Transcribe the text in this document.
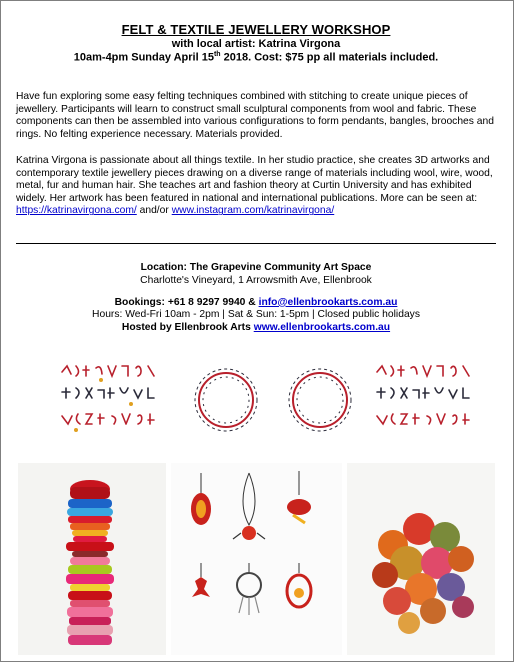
FELT & TEXTILE JEWELLERY WORKSHOP
with local artist: Katrina Virgona
10am-4pm Sunday April 15th 2018. Cost: $75 pp all materials included.
Have fun exploring some easy felting techniques combined with stitching to create unique pieces of jewellery. Participants will learn to construct small sculptural components from wool and fabric. These components can then be assembled into various configurations to form pendants, bangles, brooches and rings. No felting experience necessary. Materials provided.
Katrina Virgona is passionate about all things textile. In her studio practice, she creates 3D artworks and contemporary textile jewellery pieces drawing on a diverse range of materials including wool, wire, wood, metal, fur and human hair. She teaches art and fashion theory at Curtin University and has exhibited widely. Her artwork has been featured in national and international publications. More can be seen at: https://katrinavirgona.com/ and/or www.instagram.com/katrinavirgona/
Location: The Grapevine Community Art Space
Charlotte's Vineyard, 1 Arrowsmith Ave, Ellenbrook
Bookings: +61 8 9297 9940 & info@ellenbrookarts.com.au
Hours: Wed-Fri 10am - 2pm | Sat & Sun: 1-5pm | Closed public holidays
Hosted by Ellenbrook Arts www.ellenbrookarts.com.au
